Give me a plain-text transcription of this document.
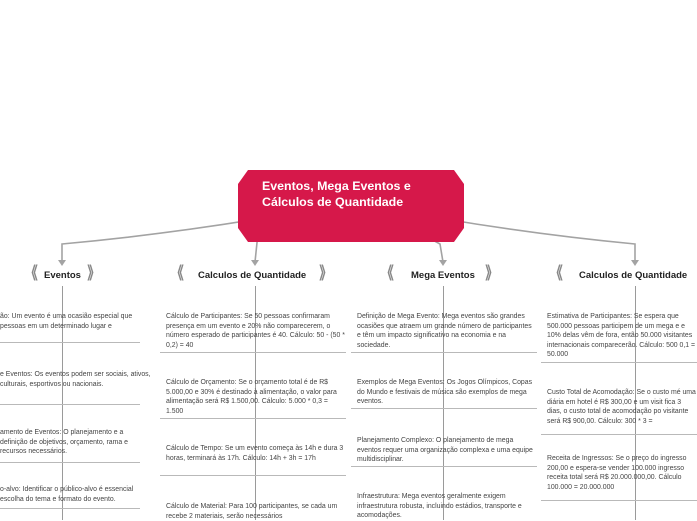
Eventos, Mega Eventos e Cálculos de Quantidade
⟨⟨ Eventos ⟩⟩
ão: Um evento é uma ocasião especial que pessoas em um determinado lugar e
e Eventos: Os eventos podem ser sociais, ativos, culturais, esportivos ou nacionais.
amento de Eventos: O planejamento e a definição de objetivos, orçamento, rama e recursos necessários.
o-alvo: Identificar o público-alvo é essencial escolha do tema e formato do evento.
⟨⟨ Calculos de Quantidade ⟩⟩
Cálculo de Participantes: Se 50 pessoas confirmaram presença em um evento e 20% não comparecerem, o número esperado de participantes é 40. Cálculo: 50 - (50 * 0,2) = 40
Cálculo de Orçamento: Se o orçamento total é de R$ 5.000,00 e 30% é destinado à alimentação, o valor para alimentação será R$ 1.500,00. Cálculo: 5.000 * 0,3 = 1.500
Cálculo de Tempo: Se um evento começa às 14h e dura 3 horas, terminará às 17h. Cálculo: 14h + 3h = 17h
Cálculo de Material: Para 100 participantes, se cada um recebe 2 materiais, serão necessários
⟨⟨ Mega Eventos ⟩⟩
Definição de Mega Evento: Mega eventos são grandes ocasiões que atraem um grande número de participantes e têm um impacto significativo na economia e na sociedade.
Exemplos de Mega Eventos: Os Jogos Olímpicos, Copas do Mundo e festivais de música são exemplos de mega eventos.
Planejamento Complexo: O planejamento de mega eventos requer uma organização complexa e uma equipe multidisciplinar.
Infraestrutura: Mega eventos geralmente exigem infraestrutura robusta, incluindo estádios, transporte e acomodações.
⟨⟨ Calculos de Quantidade
Estimativa de Participantes: Se espera que 500.000 pessoas participem de um mega e e 10% delas vêm de fora, então 50.000 visitantes internacionais comparecerão. Cálculo: 500 0,1 = 50.000
Custo Total de Acomodação: Se o custo mé uma diária em hotel é R$ 300,00 e um visit fica 3 dias, o custo total de acomodação po visitante será R$ 900,00. Cálculo: 300 * 3 =
Receita de Ingressos: Se o preço do ingresso 200,00 e espera-se vender 100.000 ingresso receita total será R$ 20.000.000,00. Cálculo 100.000 = 20.000.000
